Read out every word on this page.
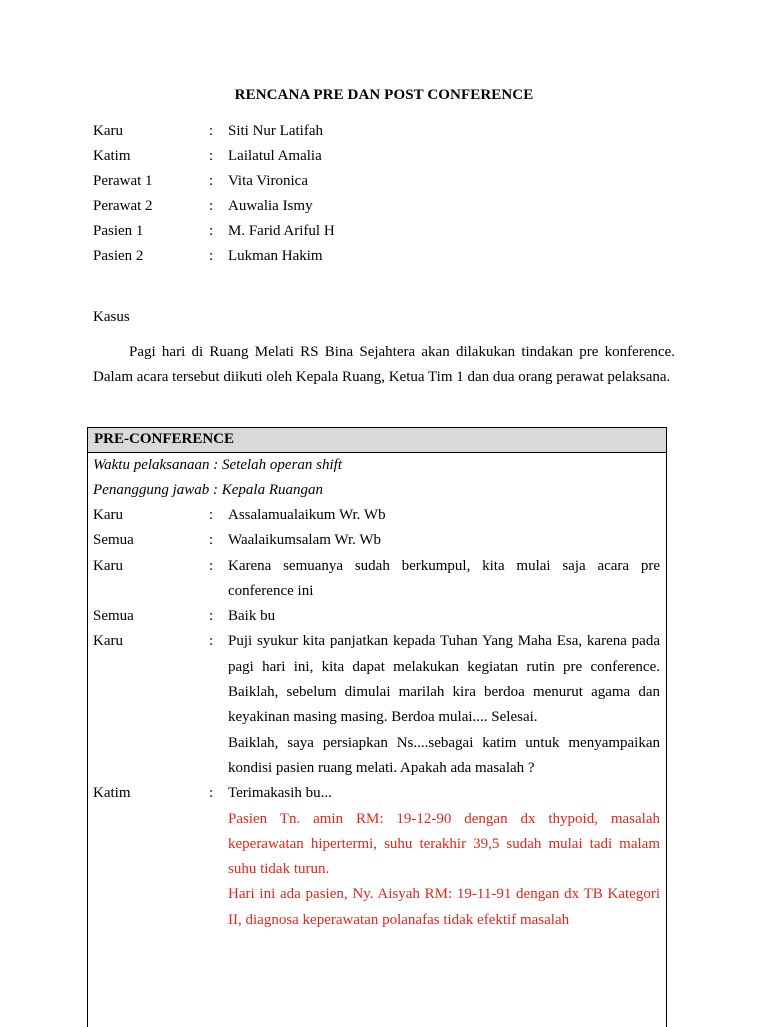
RENCANA PRE DAN POST CONFERENCE
Karu	: Siti Nur Latifah
Katim	: Lailatul Amalia
Perawat 1	: Vita Vironica
Perawat 2	: Auwalia Ismy
Pasien 1	: M. Farid Ariful H
Pasien 2	: Lukman Hakim
Kasus

Pagi hari di Ruang Melati RS Bina Sejahtera akan dilakukan tindakan pre konference. Dalam acara tersebut diikuti oleh Kepala Ruang, Ketua Tim 1 dan dua orang perawat pelaksana.

PRE-CONFERENCE
Waktu pelaksanaan : Setelah operan shift
Penanggung jawab : Kepala Ruangan
Karu	: Assalamualaikum Wr. Wb

Semua	: Waalaikumsalam Wr. Wb

Karu	: Karena semuanya sudah berkumpul, kita mulai saja acara pre conference ini

Semua	: Baik bu

Karu	: Puji syukur kita panjatkan kepada Tuhan Yang Maha Esa, karena pada pagi hari ini, kita dapat melakukan kegiatan rutin pre conference. Baiklah, sebelum dimulai marilah kira berdoa menurut agama dan keyakinan masing masing. Berdoa mulai.... Selesai.

Baiklah, saya persiapkan Ns....sebagai katim untuk menyampaikan kondisi pasien ruang melati. Apakah ada masalah ?

Katim	: Terimakasih bu...

Pasien Tn. amin RM: 19-12-90 dengan dx thypoid, masalah keperawatan hipertermi, suhu terakhir 39,5 sudah mulai tadi malam suhu tidak turun.

Hari ini ada pasien, Ny. Aisyah RM: 19-11-91 dengan dx TB Kategori II, diagnosa keperawatan polanafas tidak efektif masalah
